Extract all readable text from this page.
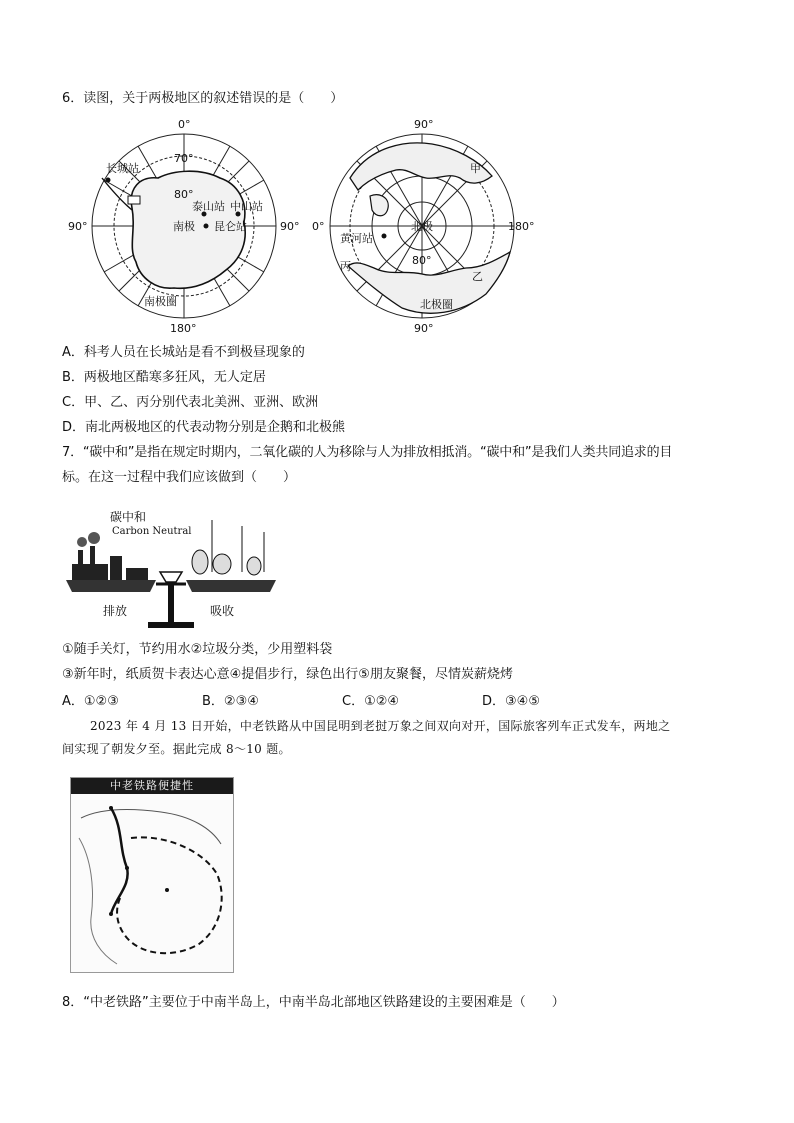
6．读图，关于两极地区的叙述错误的是（　　）
0°
180°
90°	90°
70°
80°
南极
长城站
泰山站 中山站
昆仑站
南极圈
90°
90°
0°	180°
80°
北极
黄河站
甲
乙
丙
北极圈
A．科考人员在长城站是看不到极昼现象的
B．两极地区酷寒多狂风，无人定居
C．甲、乙、丙分别代表北美洲、亚洲、欧洲
D．南北两极地区的代表动物分别是企鹅和北极熊
7．“碳中和”是指在规定时期内，二氧化碳的人为移除与人为排放相抵消。“碳中和”是我们人类共同追求的目
标。在这一过程中我们应该做到（　　）
碳中和
Carbon Neutral
排放	吸收
①随手关灯，节约用水②垃圾分类，少用塑料袋
③新年时，纸质贺卡表达心意④提倡步行，绿色出行⑤朋友聚餐，尽情炭薪烧烤
A．①②③	B．②③④	C．①②④	D．③④⑤
2023 年 4 月 13 日开始，中老铁路从中国昆明到老挝万象之间双向对开，国际旅客列车正式发车，两地之
间实现了朝发夕至。据此完成 8～10 题。
中老铁路便捷性
8．“中老铁路”主要位于中南半岛上，中南半岛北部地区铁路建设的主要困难是（　　）
